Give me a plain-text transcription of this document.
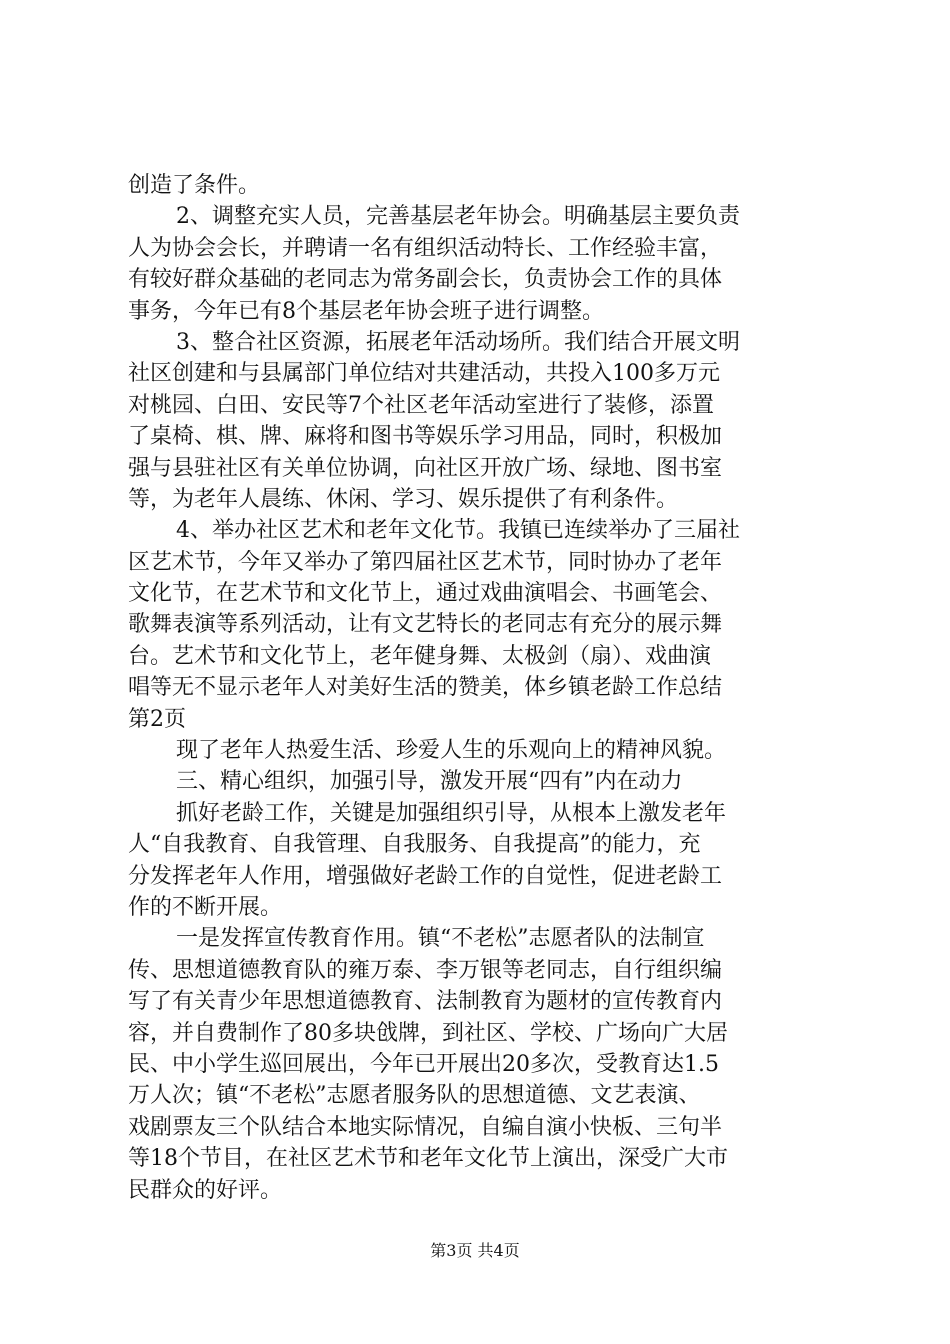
创造了条件。
2、调整充实人员，完善基层老年协会。明确基层主要负责
人为协会会长，并聘请一名有组织活动特长、工作经验丰富，
有较好群众基础的老同志为常务副会长，负责协会工作的具体
事务，今年已有8个基层老年协会班子进行调整。
3、整合社区资源，拓展老年活动场所。我们结合开展文明
社区创建和与县属部门单位结对共建活动，共投入100多万元
对桃园、白田、安民等7个社区老年活动室进行了装修，添置
了桌椅、棋、牌、麻将和图书等娱乐学习用品，同时，积极加
强与县驻社区有关单位协调，向社区开放广场、绿地、图书室
等，为老年人晨练、休闲、学习、娱乐提供了有利条件。
4、举办社区艺术和老年文化节。我镇已连续举办了三届社
区艺术节，今年又举办了第四届社区艺术节，同时协办了老年
文化节，在艺术节和文化节上，通过戏曲演唱会、书画笔会、
歌舞表演等系列活动，让有文艺特长的老同志有充分的展示舞
台。艺术节和文化节上，老年健身舞、太极剑（扇）、戏曲演
唱等无不显示老年人对美好生活的赞美，体乡镇老龄工作总结
第2页
现了老年人热爱生活、珍爱人生的乐观向上的精神风貌。
三、精心组织，加强引导，激发开展“四有”内在动力
抓好老龄工作，关键是加强组织引导，从根本上激发老年
人“自我教育、自我管理、自我服务、自我提高”的能力，充
分发挥老年人作用，增强做好老龄工作的自觉性，促进老龄工
作的不断开展。
一是发挥宣传教育作用。镇“不老松”志愿者队的法制宣
传、思想道德教育队的雍万泰、李万银等老同志，自行组织编
写了有关青少年思想道德教育、法制教育为题材的宣传教育内
容，并自费制作了80多块戗牌，到社区、学校、广场向广大居
民、中小学生巡回展出，今年已开展出20多次，受教育达1.5
万人次；镇“不老松”志愿者服务队的思想道德、文艺表演、
戏剧票友三个队结合本地实际情况，自编自演小快板、三句半
等18个节目，在社区艺术节和老年文化节上演出，深受广大市
民群众的好评。
第3页 共4页
